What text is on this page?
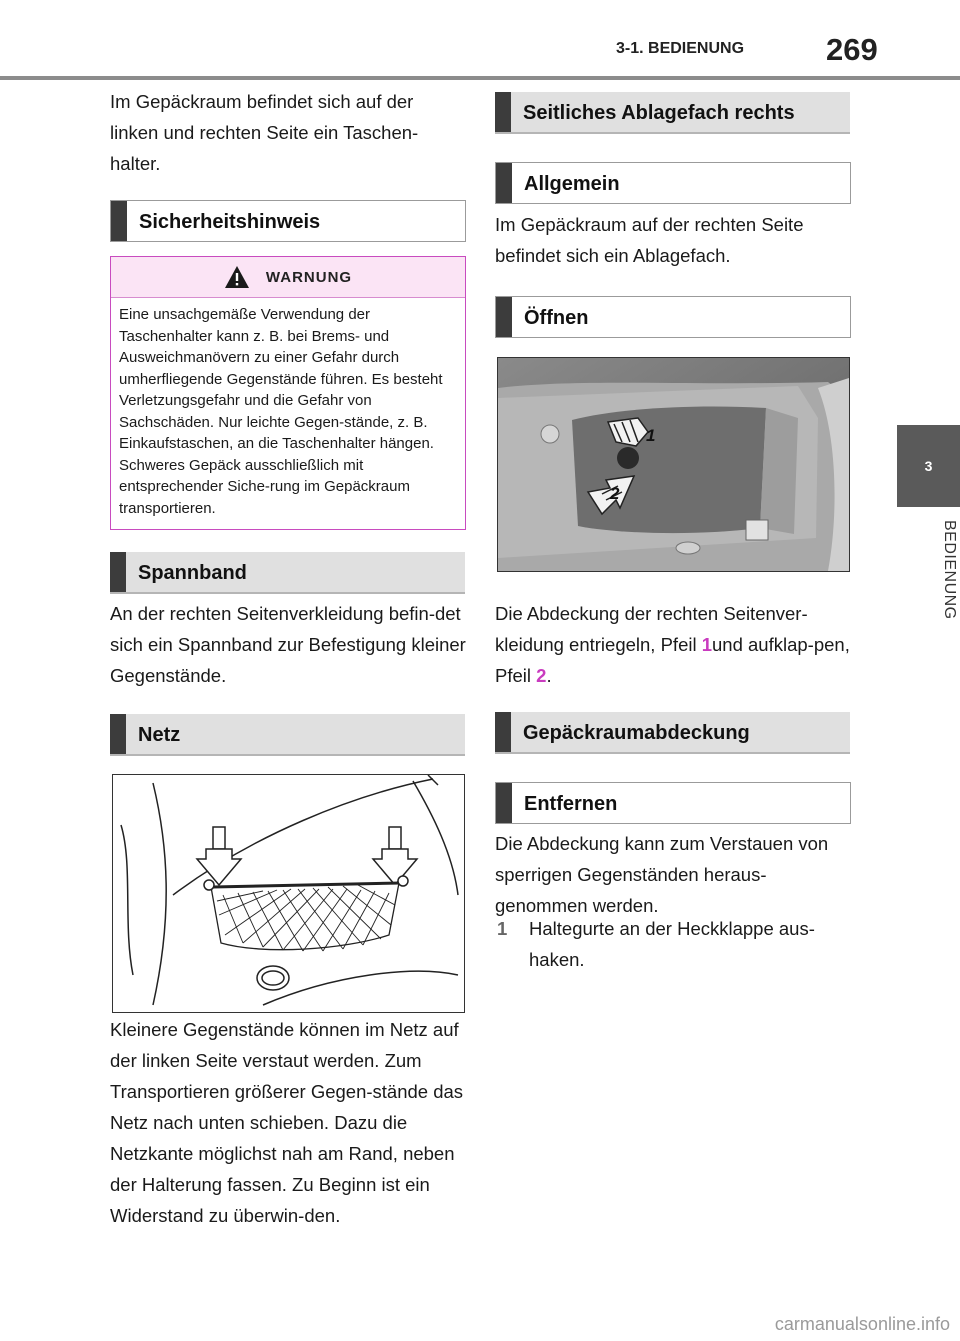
3-1. BEDIENUNG	269
3
BEDIENUNG

Im Gepäckraum befindet sich auf der linken und rechten Seite ein Taschen-halter.

Sicherheitshinweis
WARNUNG

Eine unsachgemäße Verwendung der Taschenhalter kann z. B. bei Brems- und Ausweichmanövern zu einer Gefahr durch umherfliegende Gegenstände führen. Es besteht Verletzungsgefahr und die Gefahr von Sachschäden. Nur leichte Gegen-stände, z. B. Einkaufstaschen, an die Taschenhalter hängen. Schweres Gepäck ausschließlich mit entsprechender Siche-rung im Gepäckraum transportieren.

Spannband

An der rechten Seitenverkleidung befin-det sich ein Spannband zur Befestigung kleiner Gegenstände.

Netz

Kleinere Gegenstände können im Netz auf der linken Seite verstaut werden. Zum Transportieren größerer Gegen-stände das Netz nach unten schieben. Dazu die Netzkante möglichst nah am Rand, neben der Halterung fassen. Zu Beginn ist ein Widerstand zu überwin-den.

Seitliches Ablagefach rechts
Allgemein

Im Gepäckraum auf der rechten Seite befindet sich ein Ablagefach.

Öffnen
1
2

Die Abdeckung der rechten Seitenver-kleidung entriegeln, Pfeil 1und aufklap-pen, Pfeil 2.

Gepäckraumabdeckung
Entfernen

Die Abdeckung kann zum Verstauen von sperrigen Gegenständen heraus-genommen werden.

1 Haltegurte an der Heckklappe aus-haken.
carmanualsonline.info
